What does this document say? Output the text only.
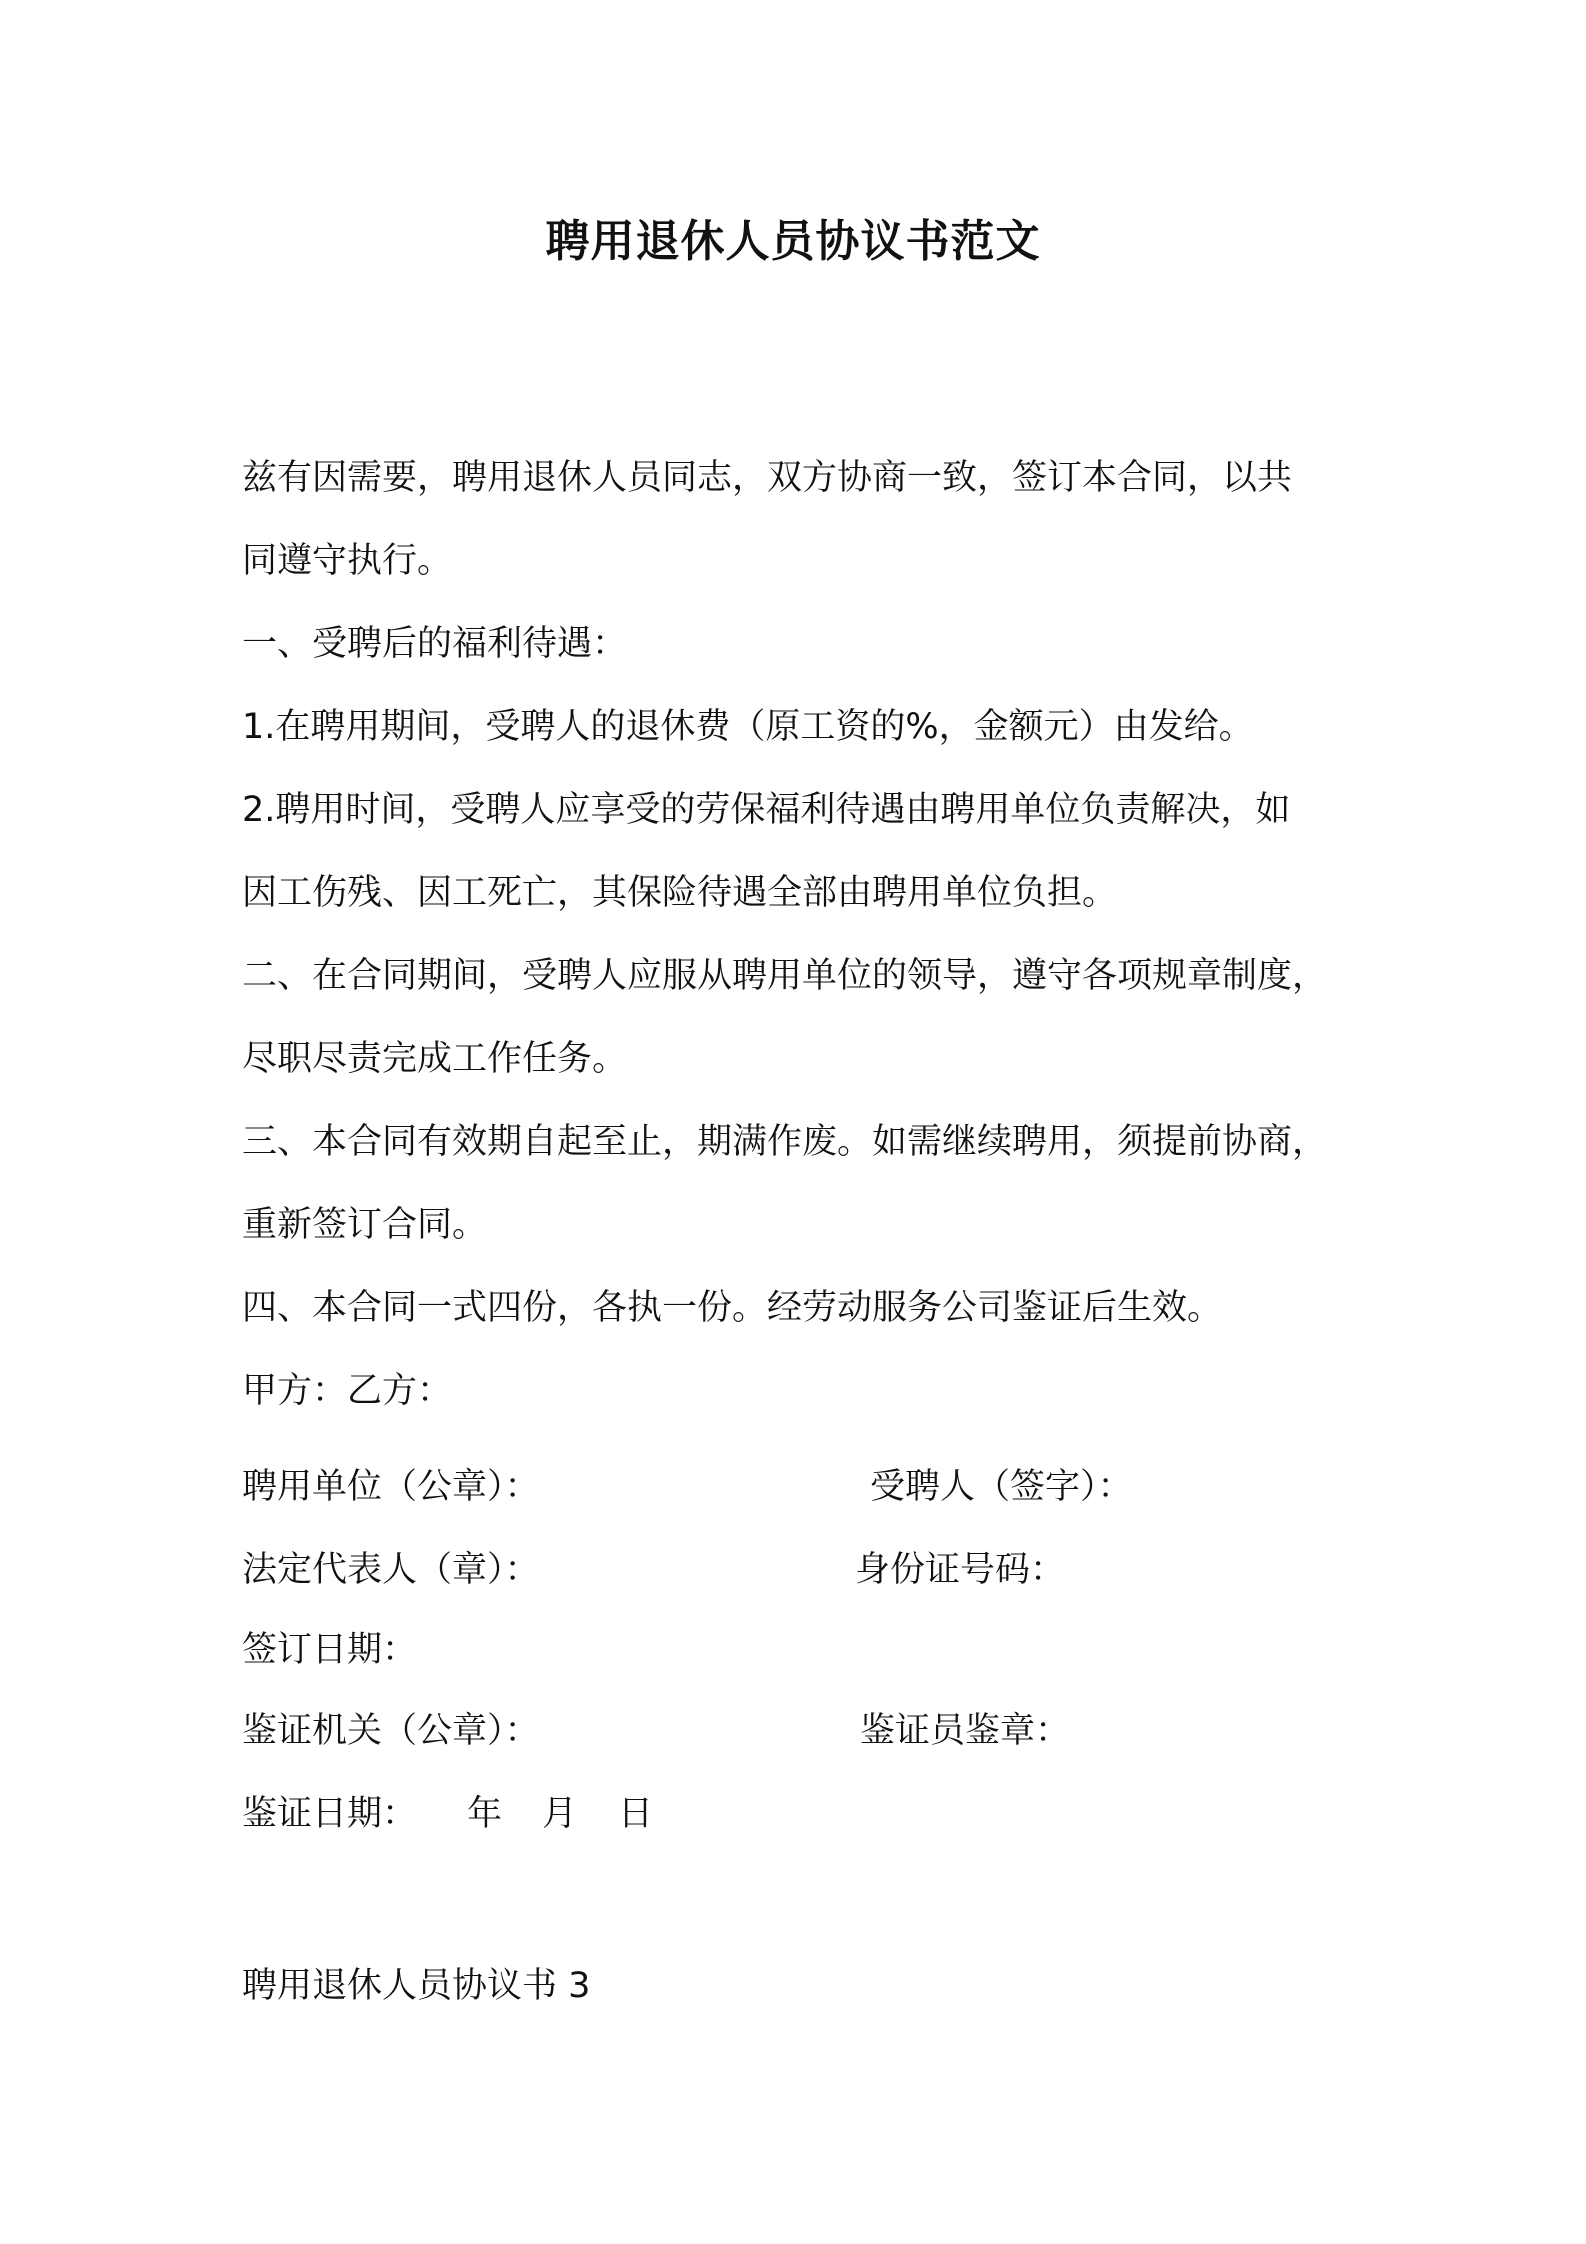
聘用退休人员协议书范文
兹有因需要，聘用退休人员同志，双方协商一致，签订本合同，以共
同遵守执行。
一、受聘后的福利待遇：
1.在聘用期间，受聘人的退休费（原工资的%，金额元）由发给。
2.聘用时间，受聘人应享受的劳保福利待遇由聘用单位负责解决，如
因工伤残、因工死亡，其保险待遇全部由聘用单位负担。
二、在合同期间，受聘人应服从聘用单位的领导，遵守各项规章制度，
尽职尽责完成工作任务。
三、本合同有效期自起至止，期满作废。如需继续聘用，须提前协商，
重新签订合同。
四、本合同一式四份，各执一份。经劳动服务公司鉴证后生效。
甲方：乙方：
聘用单位（公章）：	受聘人（签字）：
法定代表人（章）：	身份证号码：
签订日期：
鉴证机关（公章）：	鉴证员鉴章：
鉴证日期： 年 月 日
聘用退休人员协议书 3
